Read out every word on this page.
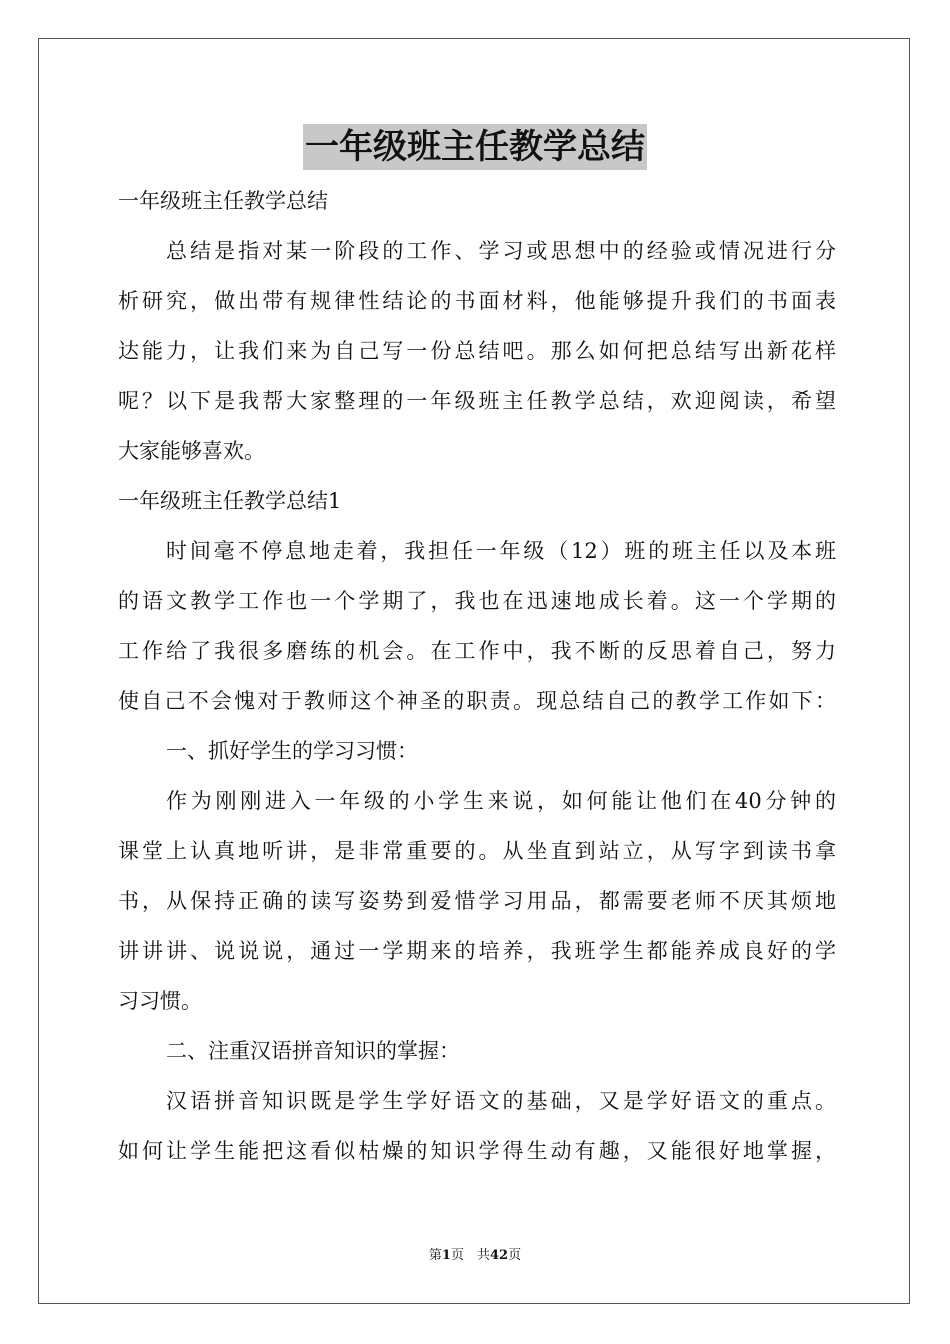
一年级班主任教学总结
一年级班主任教学总结
总结是指对某一阶段的工作、学习或思想中的经验或情况进行分
析研究，做出带有规律性结论的书面材料，他能够提升我们的书面表
达能力，让我们来为自己写一份总结吧。那么如何把总结写出新花样
呢？以下是我帮大家整理的一年级班主任教学总结，欢迎阅读，希望
大家能够喜欢。
一年级班主任教学总结1
时间毫不停息地走着，我担任一年级（12）班的班主任以及本班
的语文教学工作也一个学期了，我也在迅速地成长着。这一个学期的
工作给了我很多磨练的机会。在工作中，我不断的反思着自己，努力
使自己不会愧对于教师这个神圣的职责。现总结自己的教学工作如下：
一、抓好学生的学习习惯：
作为刚刚进入一年级的小学生来说，如何能让他们在40分钟的
课堂上认真地听讲，是非常重要的。从坐直到站立，从写字到读书拿
书，从保持正确的读写姿势到爱惜学习用品，都需要老师不厌其烦地
讲讲讲、说说说，通过一学期来的培养，我班学生都能养成良好的学
习习惯。
二、注重汉语拼音知识的掌握：
汉语拼音知识既是学生学好语文的基础，又是学好语文的重点。
如何让学生能把这看似枯燥的知识学得生动有趣，又能很好地掌握，
第1页　共42页
